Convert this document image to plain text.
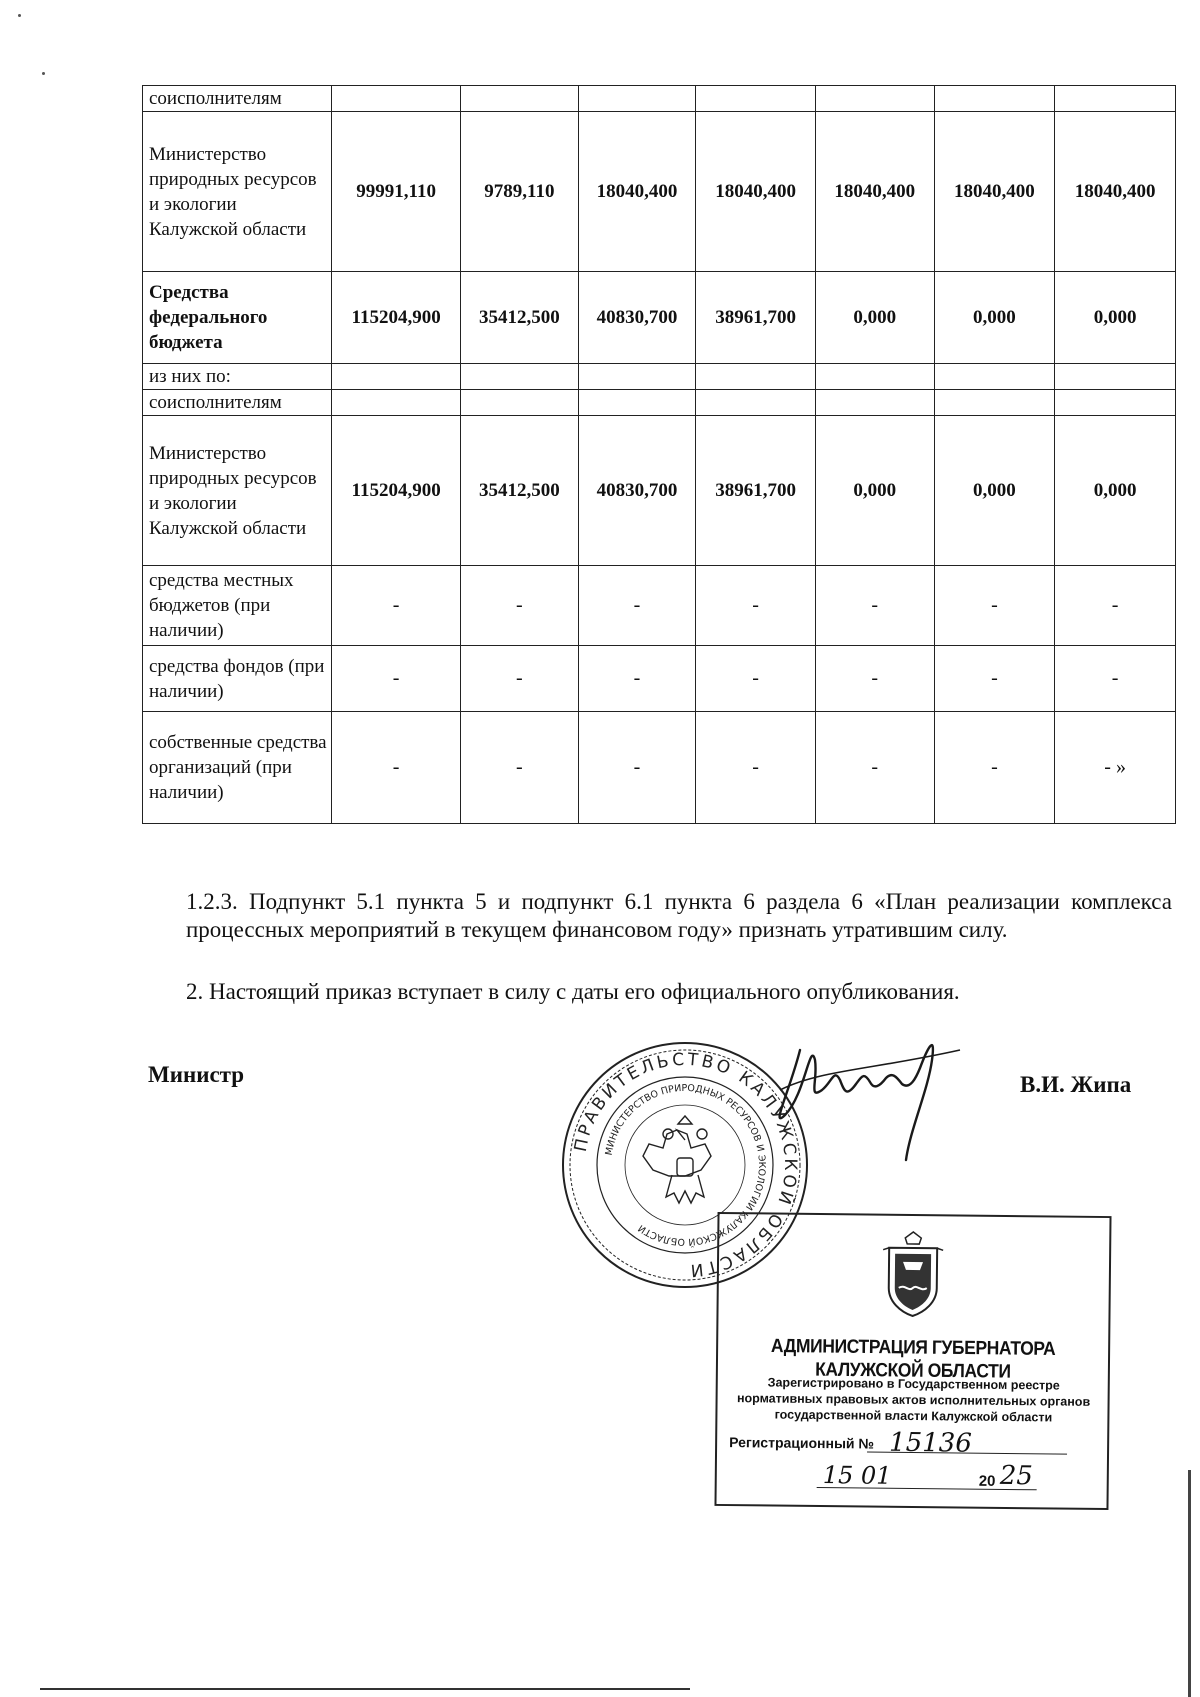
соисполнителям							
Министерство природных ресурсов и экологии Калужской области	99991,110	9789,110	18040,400	18040,400	18040,400	18040,400	18040,400
Средства федерального бюджета	115204,900	35412,500	40830,700	38961,700	0,000	0,000	0,000
из них по:							
соисполнителям							
Министерство природных ресурсов и экологии Калужской области	115204,900	35412,500	40830,700	38961,700	0,000	0,000	0,000
средства местных бюджетов (при наличии)	-	-	-	-	-	-	-
средства фондов (при наличии)	-	-	-	-	-	-	-
собственные средства организаций (при наличии)	-	-	-	-	-	-	- »
1.2.3. Подпункт 5.1 пункта 5 и подпункт 6.1 пункта 6 раздела 6 «План реализации комплекса процессных мероприятий в текущем финансовом году» признать утратившим силу.
2. Настоящий приказ вступает в силу с даты его официального опубликования.
Министр	В.И. Жипа
ПРАВИТЕЛЬСТВО КАЛУЖСКОЙ ОБЛАСТИ
МИНИСТЕРСТВО ПРИРОДНЫХ РЕСУРСОВ И ЭКОЛОГИИ КАЛУЖСКОЙ ОБЛАСТИ
АДМИНИСТРАЦИЯ ГУБЕРНАТОРА КАЛУЖСКОЙ ОБЛАСТИ
Зарегистрировано в Государственном реестре нормативных правовых актов исполнительных органов государственной власти Калужской области
Регистрационный № 15136
15 01	20 25
